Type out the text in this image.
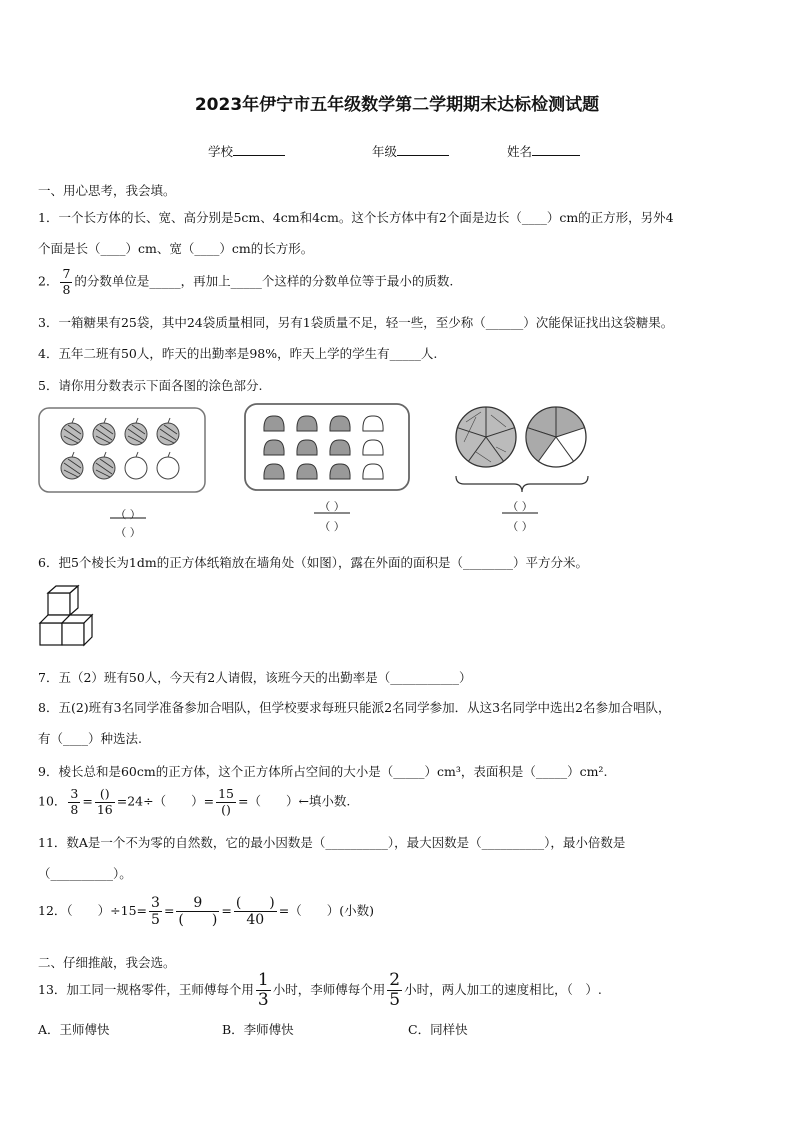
2023年伊宁市五年级数学第二学期期末达标检测试题
学校	年级	姓名
一、用心思考，我会填。
1．一个长方体的长、宽、高分别是5cm、4cm和4cm。这个长方体中有2个面是边长（____）cm的正方形，另外4
个面是长（____）cm、宽（____）cm的长方形。
2． $\frac{7}{8}$ 的分数单位是_____，再加上_____个这样的分数单位等于最小的质数.
3．一箱糖果有25袋，其中24袋质量相同，另有1袋质量不足，轻一些，至少称（______）次能保证找出这袋糖果。
4．五年二班有50人，昨天的出勤率是98%，昨天上学的学生有_____人.
5．请你用分数表示下面各图的涂色部分.
（ ）
（ ）
（ ）
（ ）
（ ）
（ ）
6．把5个棱长为1dm的正方体纸箱放在墙角处（如图），露在外面的面积是（________）平方分米。
7．五（2）班有50人，今天有2人请假，该班今天的出勤率是（___________）
8．五(2)班有3名同学准备参加合唱队，但学校要求每班只能派2名同学参加．从这3名同学中选出2名参加合唱队，
有（____）种选法.
9．棱长总和是60cm的正方体，这个正方体所占空间的大小是（_____）cm³，表面积是（_____）cm².
10． $\frac{3}{8} = \frac{()}{16} =24\div$（　　）= $\frac{15}{()}$ =（　　）←填小数.
11．数A是一个不为零的自然数，它的最小因数是（__________），最大因数是（__________），最小倍数是
（__________）。
12．（　　）$\div 15= \frac{3}{5} = \frac{9}{( )} = \frac{( )}{40}$ =（　　）(小数)
二、仔细推敲，我会选。
13．加工同一规格零件，王师傅每个用 $\frac{1}{3}$ 小时，李师傅每个用 $\frac{2}{5}$ 小时，两人加工的速度相比，（　）.
A．王师傅快	B．李师傅快	C．同样快
